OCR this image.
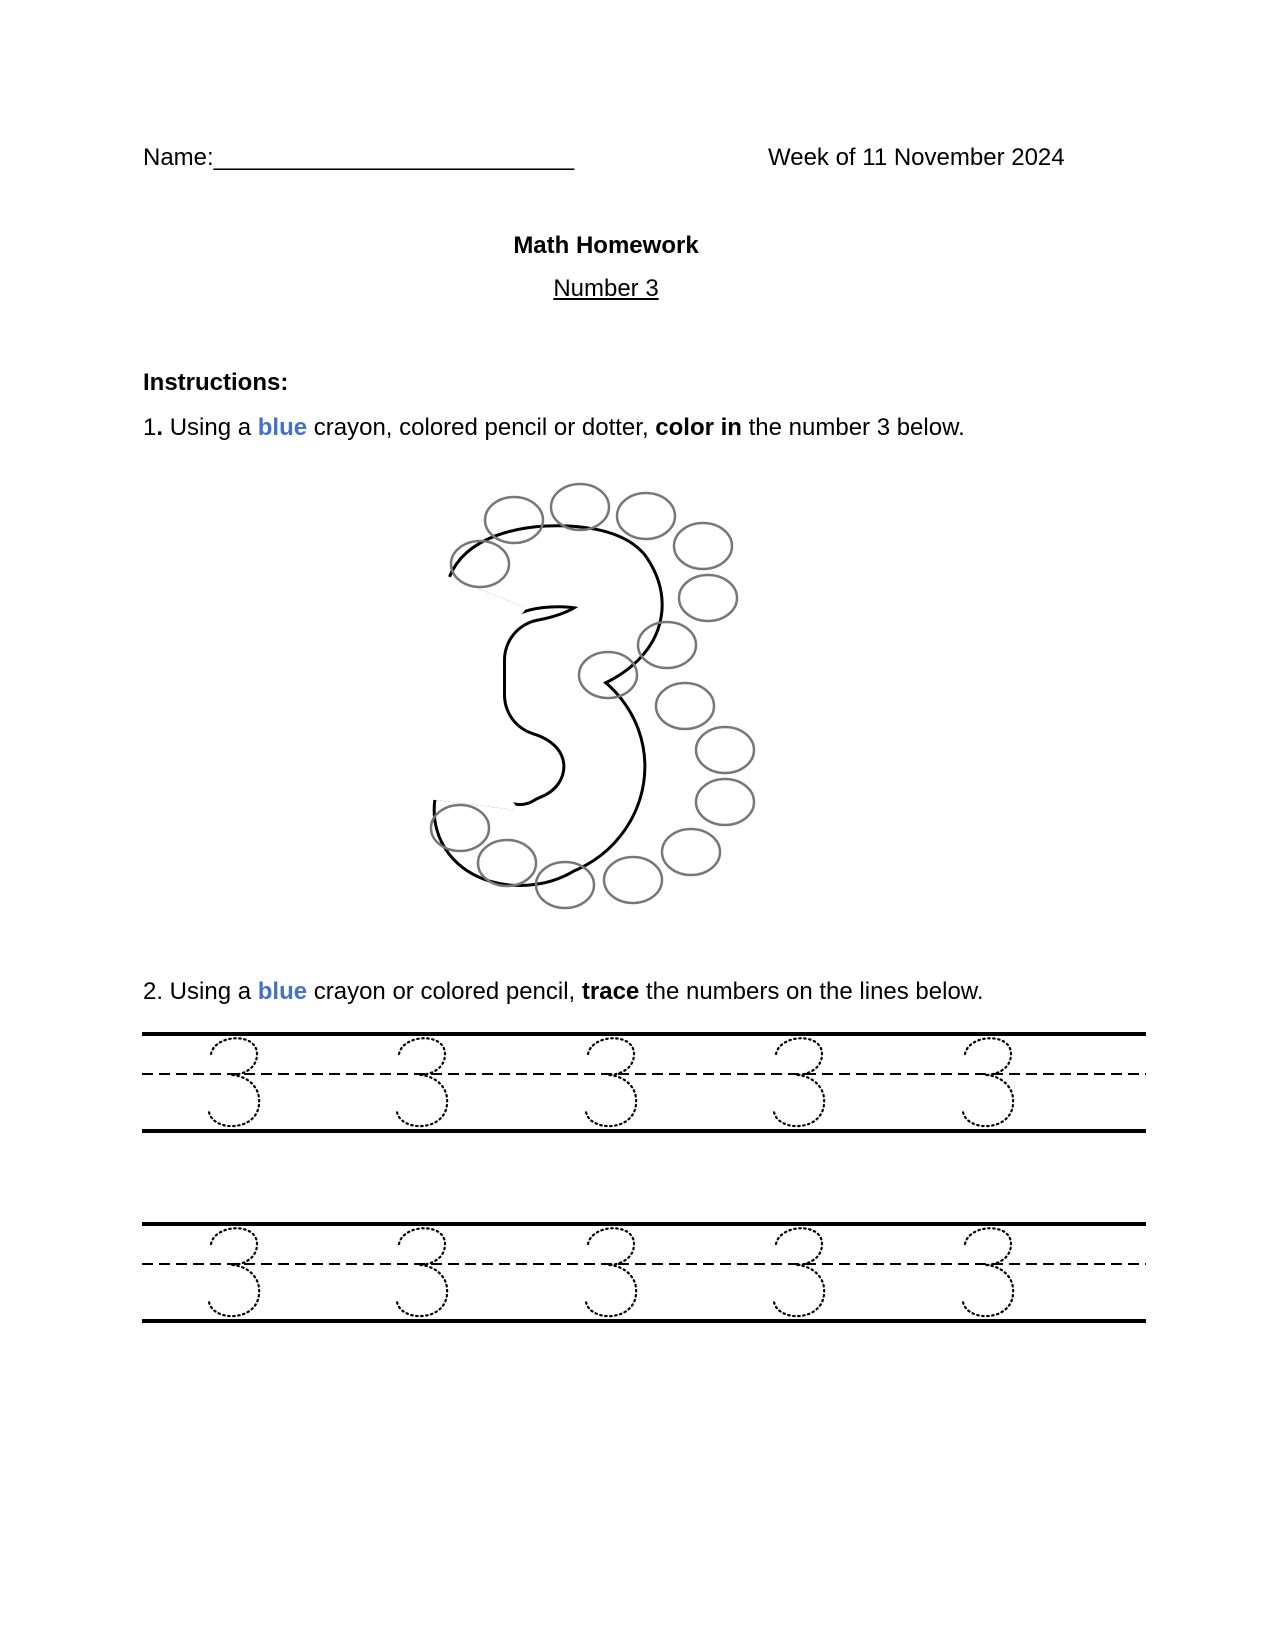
Name:___________________________	Week of 11 November 2024
Math Homework
Number 3
Instructions:
1. Using a blue crayon, colored pencil or dotter, color in the number 3 below.
2. Using a blue crayon or colored pencil, trace the numbers on the lines below.
